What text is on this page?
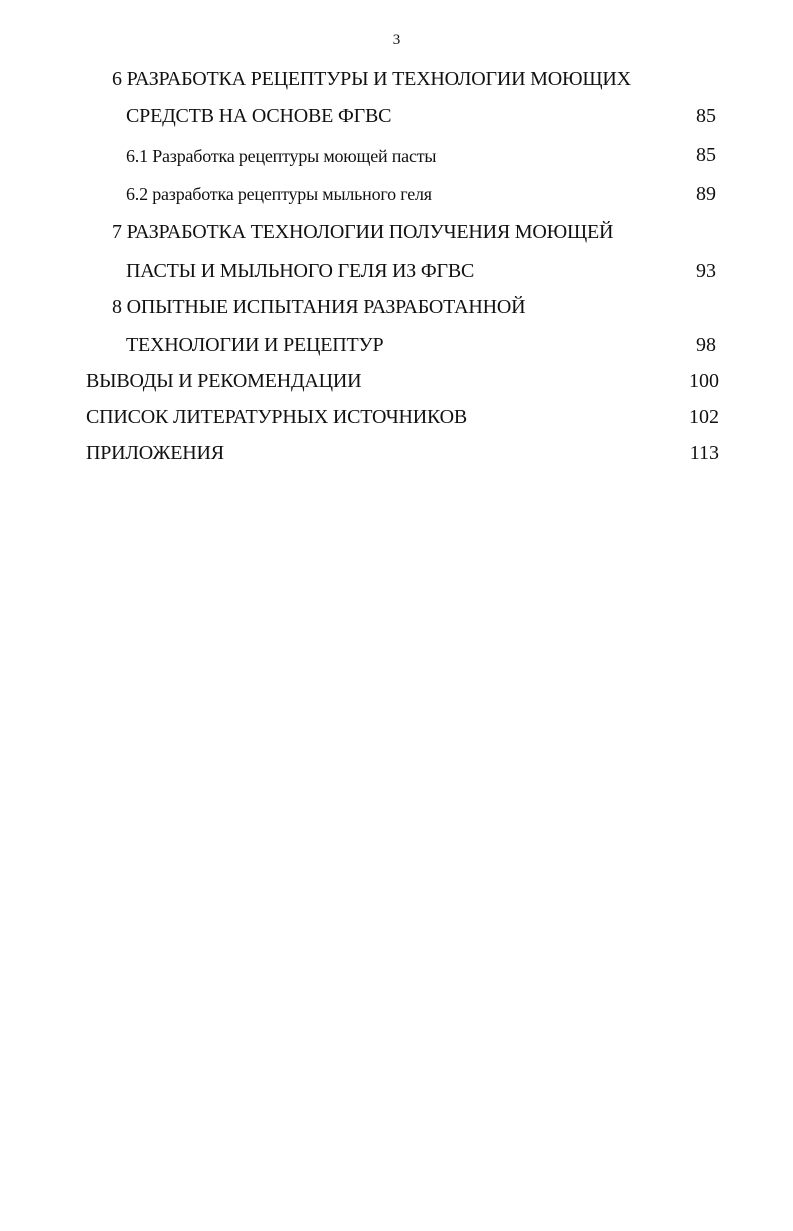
3
6 РАЗРАБОТКА РЕЦЕПТУРЫ И ТЕХНОЛОГИИ МОЮЩИХ
СРЕДСТВ НА ОСНОВЕ ФГВС	85
6.1 Разработка рецептуры моющей пасты	85
6.2 разработка рецептуры мыльного геля	89
7 РАЗРАБОТКА ТЕХНОЛОГИИ ПОЛУЧЕНИЯ МОЮЩЕЙ
ПАСТЫ И МЫЛЬНОГО ГЕЛЯ ИЗ ФГВС	93
8 ОПЫТНЫЕ ИСПЫТАНИЯ РАЗРАБОТАННОЙ
ТЕХНОЛОГИИ И РЕЦЕПТУР	98
ВЫВОДЫ И РЕКОМЕНДАЦИИ	100
СПИСОК ЛИТЕРАТУРНЫХ ИСТОЧНИКОВ	102
ПРИЛОЖЕНИЯ	113
